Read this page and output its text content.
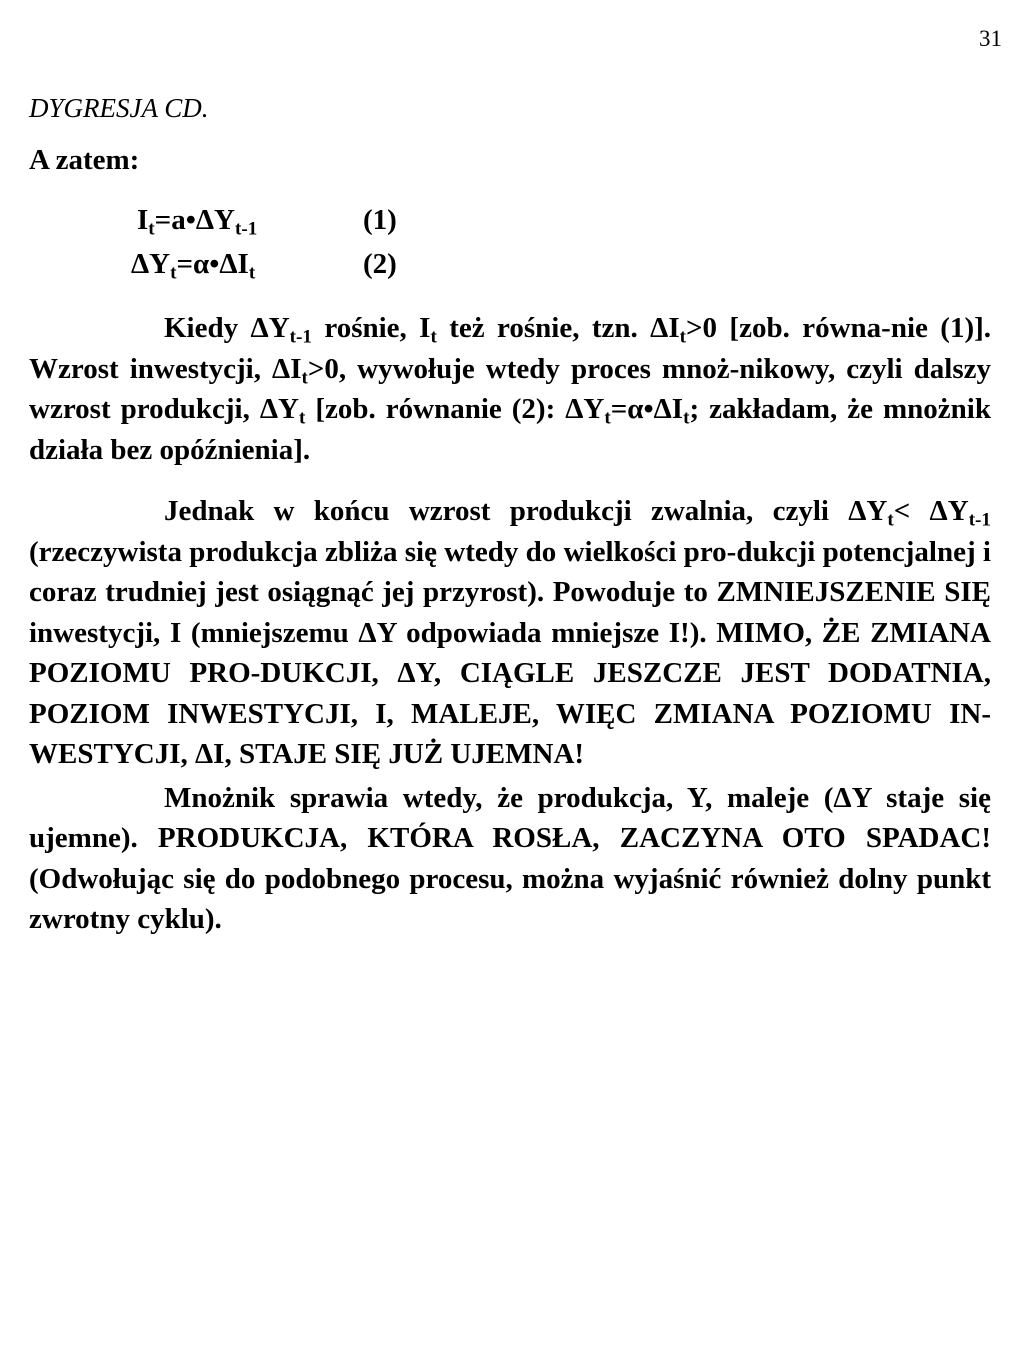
31
DYGRESJA CD.
A zatem:
$I_t=a•\Delta Y_{t-1}$	(1)
$\Delta Y_t=\alpha•\Delta I_t$	(2)

Kiedy $\Delta Y_{t-1}$ rośnie, $I_t$ też rośnie, tzn. $\Delta I_t>0$ [zob. równa-nie (1)]. Wzrost inwestycji, $\Delta I_t>0$, wywołuje wtedy proces mnoż-nikowy, czyli dalszy wzrost produkcji, $\Delta Y_t$ [zob. równanie (2): $\Delta Y_t=\alpha•\Delta I_t$; zakładam, że mnożnik działa bez opóźnienia].

Jednak w końcu wzrost produkcji zwalnia, czyli $\Delta Y_t< \Delta Y_{t-1}$ (rzeczywista produkcja zbliża się wtedy do wielkości pro-dukcji potencjalnej i coraz trudniej jest osiągnąć jej przyrost). Powoduje to ZMNIEJSZENIE SIĘ inwestycji, I (mniejszemu ΔY odpowiada mniejsze I!). MIMO, ŻE ZMIANA POZIOMU PRO-DUKCJI, ΔY, CIĄGLE JESZCZE JEST DODATNIA, POZIOM INWESTYCJI, I, MALEJE, WIĘC ZMIANA POZIOMU IN-WESTYCJI, ΔI, STAJE SIĘ JUŻ UJEMNA!

Mnożnik sprawia wtedy, że produkcja, Y, maleje (ΔY staje się ujemne). PRODUKCJA, KTÓRA ROSŁA, ZACZYNA OTO SPADAC! (Odwołując się do podobnego procesu, można wyjaśnić również dolny punkt zwrotny cyklu).
